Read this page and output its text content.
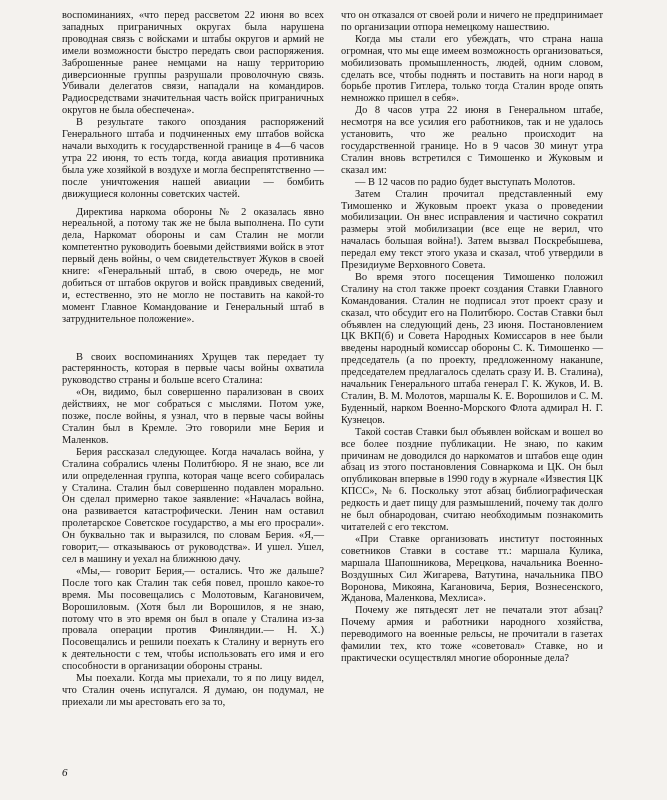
воспоминаниях, «что перед рассветом 22 июня во всех западных приграничных округах была нарушена проводная связь с войсками и штабы округов и армий не имели возможности быстро передать свои распоряжения. Заброшенные ранее немцами на нашу территорию диверсионные группы разрушали проволочную связь. Убивали делегатов связи, нападали на командиров. Радиосредствами значительная часть войск приграничных округов не была обеспечена».

В результате такого опоздания распоряжений Генерального штаба и подчиненных ему штабов войска начали выходить к государственной границе в 4—6 часов утра 22 июня, то есть тогда, когда авиация противника была уже хозяйкой в воздухе и могла беспрепятственно — после уничтожения нашей авиации — бомбить движущиеся колонны советских частей.

Директива наркома обороны № 2 оказалась явно нереальной, а потому так же не была выполнена. По сути дела, Наркомат обороны и сам Сталин не могли компетентно руководить боевыми действиями войск в этот первый день войны, о чем свидетельствует Жуков в своей книге: «Генеральный штаб, в свою очередь, не мог добиться от штабов округов и войск правдивых сведений, и, естественно, это не могло не поставить на какой-то момент Главное Командование и Генеральный штаб в затруднительное положение».

В своих воспоминаниях Хрущев так передает ту растерянность, которая в первые часы войны охватила руководство страны и больше всего Сталина:

«Он, видимо, был совершенно парализован в своих действиях, не мог собраться с мыслями. Потом уже, позже, после войны, я узнал, что в первые часы войны Сталин был в Кремле. Это говорили мне Берия и Маленков.

Берия рассказал следующее. Когда началась война, у Сталина собрались члены Политбюро. Я не знаю, все ли или определенная группа, которая чаще всего собиралась у Сталина. Сталин был совершенно подавлен морально. Он сделал примерно такое заявление: «Началась война, она развивается катастрофически. Ленин нам оставил пролетарское Советское государство, а мы его просрали». Он буквально так и выразился, по словам Берия. «Я,— говорит,— отказываюсь от руководства». И ушел. Ушел, сел в машину и уехал на ближнюю дачу.

«Мы,— говорит Берия,— остались. Что же дальше? После того как Сталин так себя повел, прошло какое-то время. Мы посовещались с Молотовым, Кагановичем, Ворошиловым. (Хотя был ли Ворошилов, я не знаю, потому что в это время он был в опале у Сталина из-за провала операции против Финляндии.— Н. Х.) Посовещались и решили поехать к Сталину и вернуть его к деятельности с тем, чтобы использовать его имя и его способности в организации обороны страны.

Мы поехали. Когда мы приехали, то я по лицу видел, что Сталин очень испугался. Я думаю, он подумал, не приехали ли мы арестовать его за то,

что он отказался от своей роли и ничего не предпринимает по организации отпора немецкому нашествию.

Когда мы стали его убеждать, что страна наша огромная, что мы еще имеем возможность организоваться, мобилизовать промышленность, людей, одним словом, сделать все, чтобы поднять и поставить на ноги народ в борьбе против Гитлера, только тогда Сталин вроде опять немножко пришел в себя».

До 8 часов утра 22 июня в Генеральном штабе, несмотря на все усилия его работников, так и не удалось установить, что же реально происходит на государственной границе. Но в 9 часов 30 минут утра Сталин вновь встретился с Тимошенко и Жуковым и сказал им:

— В 12 часов по радио будет выступать Молотов.

Затем Сталин прочитал представленный ему Тимошенко и Жуковым проект указа о проведении мобилизации. Он внес исправления и частично сократил размеры этой мобилизации (все еще не верил, что началась большая война!). Затем вызвал Поскребышева, передал ему текст этого указа и сказал, чтоб утвердили в Президиуме Верховного Совета.

Во время этого посещения Тимошенко положил Сталину на стол также проект создания Ставки Главного Командования. Сталин не подписал этот проект сразу и сказал, что обсудит его на Политбюро. Состав Ставки был объявлен на следующий день, 23 июня. Постановлением ЦК ВКП(б) и Совета Народных Комиссаров в нее были введены народный комиссар обороны С. К. Тимошенко — председатель (а по проекту, предложенному наканune, председателем предлагалось сделать сразу И. В. Сталина), начальник Генерального штаба генерал Г. К. Жуков, И. В. Сталин, В. М. Молотов, маршалы К. Е. Ворошилов и С. М. Буденный, нарком Военно-Морского Флота адмирал Н. Г. Кузнецов.

Такой состав Ставки был объявлен войскам и вошел во все более поздние публикации. Не знаю, по каким причинам не доводился до наркоматов и штабов еще один абзац из этого постановления Совнаркома и ЦК. Он был опубликован впервые в 1990 году в журнале «Известия ЦК КПСС», № 6. Поскольку этот абзац библиографическая редкость и дает пищу для размышлений, почему так долго не был обнародован, считаю необходимым познакомить читателей с его текстом.

«При Ставке организовать институт постоянных советников Ставки в составе тт.: маршала Кулика, маршала Шапошникова, Мерецкова, начальника Военно-Воздушных Сил Жигарева, Ватутина, начальника ПВО Воронова, Микояна, Кагановича, Берия, Вознесенского, Жданова, Маленкова, Мехлиса».

Почему же пятьдесят лет не печатали этот абзац? Почему армия и работники народного хозяйства, переводимого на военные рельсы, не прочитали в газетах фамилии тех, кто тоже «советовал» Ставке, но и практически осуществлял многие оборонные дела?

6
